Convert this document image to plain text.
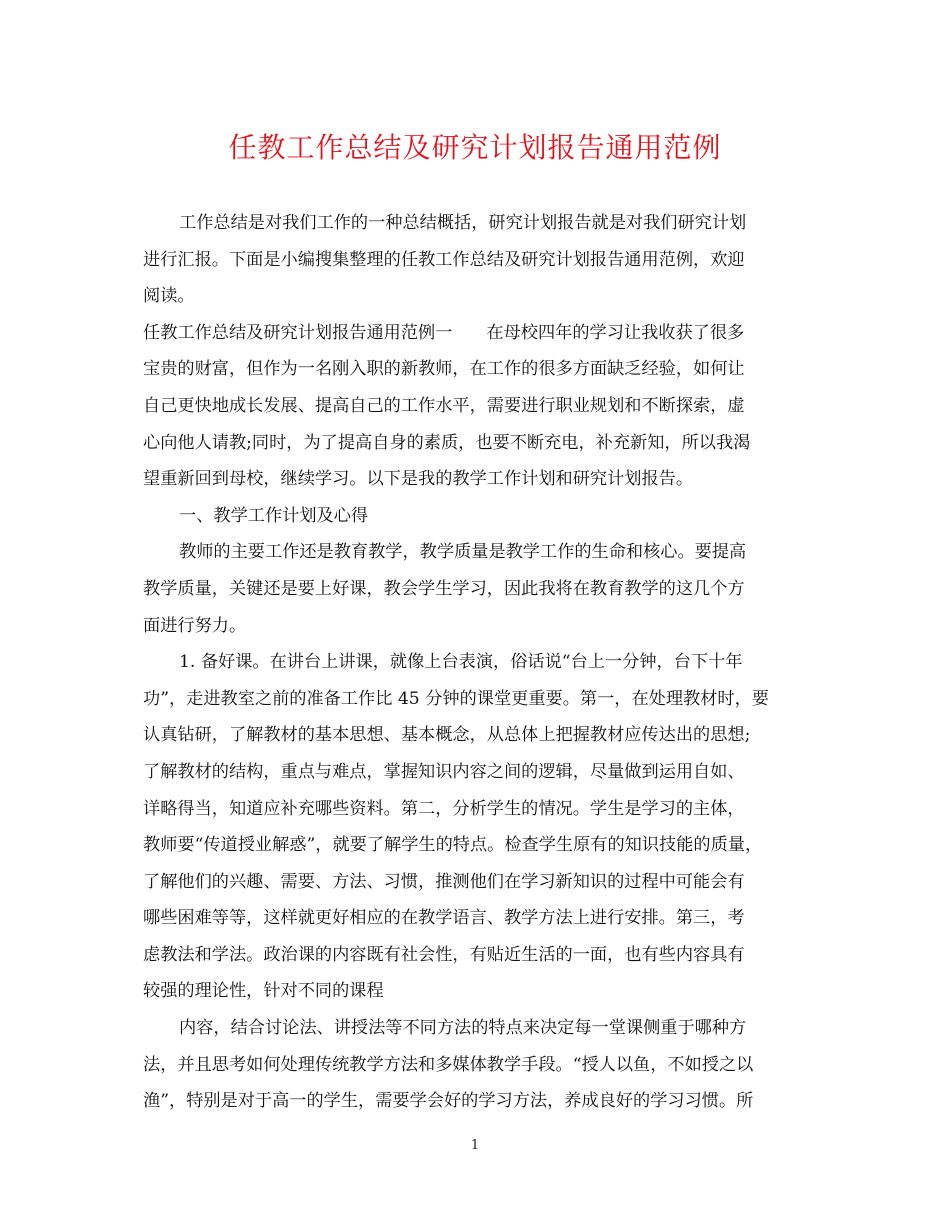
任教工作总结及研究计划报告通用范例
工作总结是对我们工作的一种总结概括，研究计划报告就是对我们研究计划
进行汇报。下面是小编搜集整理的任教工作总结及研究计划报告通用范例，欢迎
阅读。
任教工作总结及研究计划报告通用范例一 在母校四年的学习让我收获了很多
宝贵的财富，但作为一名刚入职的新教师，在工作的很多方面缺乏经验，如何让
自己更快地成长发展、提高自己的工作水平，需要进行职业规划和不断探索，虚
心向他人请教;同时，为了提高自身的素质，也要不断充电，补充新知，所以我渴
望重新回到母校，继续学习。以下是我的教学工作计划和研究计划报告。
一、教学工作计划及心得
教师的主要工作还是教育教学，教学质量是教学工作的生命和核心。要提高
教学质量，关键还是要上好课，教会学生学习，因此我将在教育教学的这几个方
面进行努力。
1. 备好课。在讲台上讲课，就像上台表演，俗话说“台上一分钟，台下十年
功”，走进教室之前的准备工作比 45 分钟的课堂更重要。第一，在处理教材时，要
认真钻研，了解教材的基本思想、基本概念，从总体上把握教材应传达出的思想;
了解教材的结构，重点与难点，掌握知识内容之间的逻辑，尽量做到运用自如、
详略得当，知道应补充哪些资料。第二，分析学生的情况。学生是学习的主体，
教师要“传道授业解惑”，就要了解学生的特点。检查学生原有的知识技能的质量，
了解他们的兴趣、需要、方法、习惯，推测他们在学习新知识的过程中可能会有
哪些困难等等，这样就更好相应的在教学语言、教学方法上进行安排。第三，考
虑教法和学法。政治课的内容既有社会性，有贴近生活的一面，也有些内容具有
较强的理论性，针对不同的课程
内容，结合讨论法、讲授法等不同方法的特点来决定每一堂课侧重于哪种方
法，并且思考如何处理传统教学方法和多媒体教学手段。“授人以鱼，不如授之以
渔”，特别是对于高一的学生，需要学会好的学习方法，养成良好的学习习惯。所
1
